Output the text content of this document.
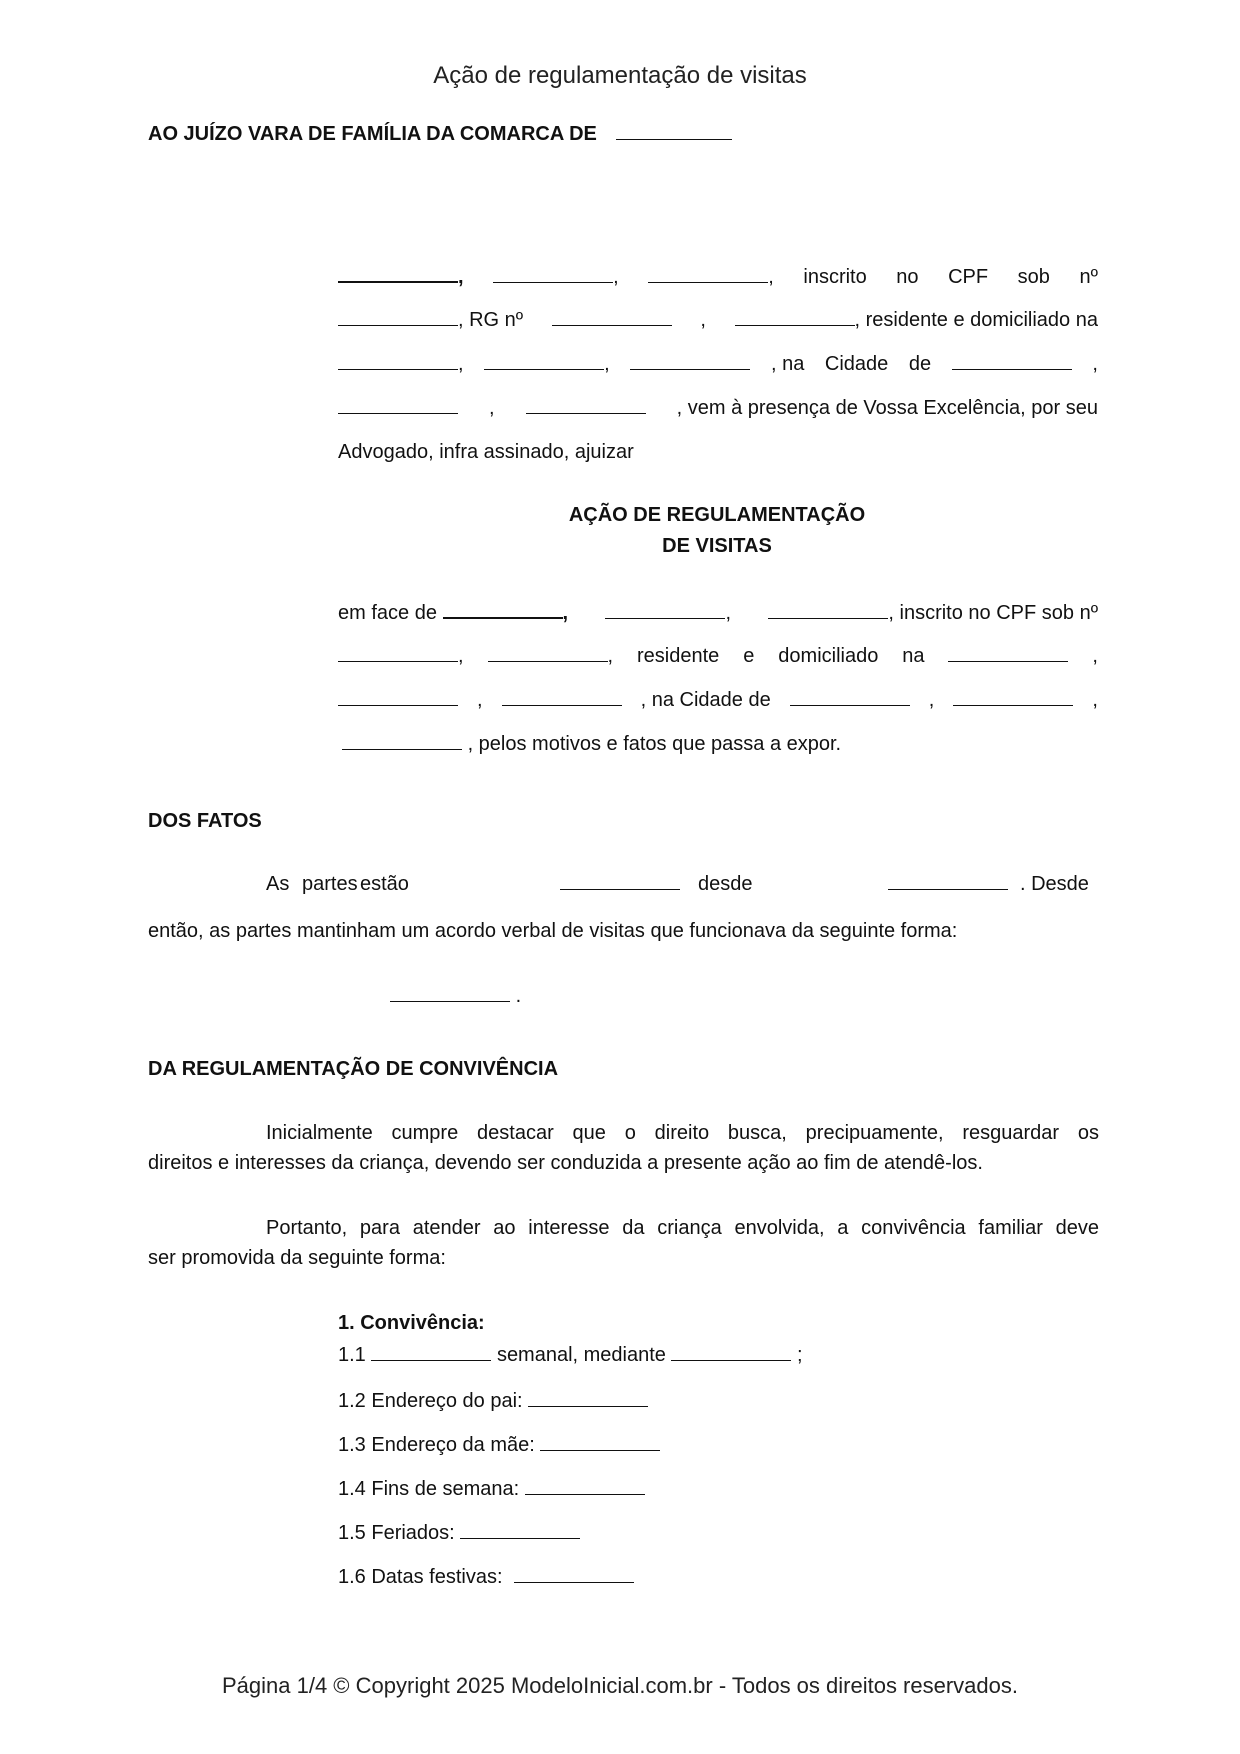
Ação de regulamentação de visitas
AO JUÍZO VARA DE FAMÍLIA DA COMARCA DE
,	,	, inscrito no CPF sob nº
, RG nº	,	, residente e domiciliado na
,	,	, na Cidade de	,
,	, vem à presença de Vossa Excelência, por seu
Advogado, infra assinado, ajuizar
AÇÃO DE REGULAMENTAÇÃO
DE VISITAS
em face de	,	,	, inscrito no CPF sob nº
,	, residente e domiciliado na	,
,	, na Cidade de	,	,
, pelos motivos e fatos que passa a expor.
DOS FATOS
As partes estão	desde	. Desde
então, as partes mantinham um acordo verbal de visitas que funcionava da seguinte forma:
.
DA REGULAMENTAÇÃO DE CONVIVÊNCIA
Inicialmente cumpre destacar que o direito busca, precipuamente, resguardar os
direitos e interesses da criança, devendo ser conduzida a presente ação ao fim de atendê-los.
Portanto, para atender ao interesse da criança envolvida, a convivência familiar deve
ser promovida da seguinte forma:
1. Convivência:
1.1	semanal, mediante	;
1.2 Endereço do pai:
1.3 Endereço da mãe:
1.4 Fins de semana:
1.5 Feriados:
1.6 Datas festivas:
Página 1/4 © Copyright 2025 ModeloInicial.com.br - Todos os direitos reservados.
